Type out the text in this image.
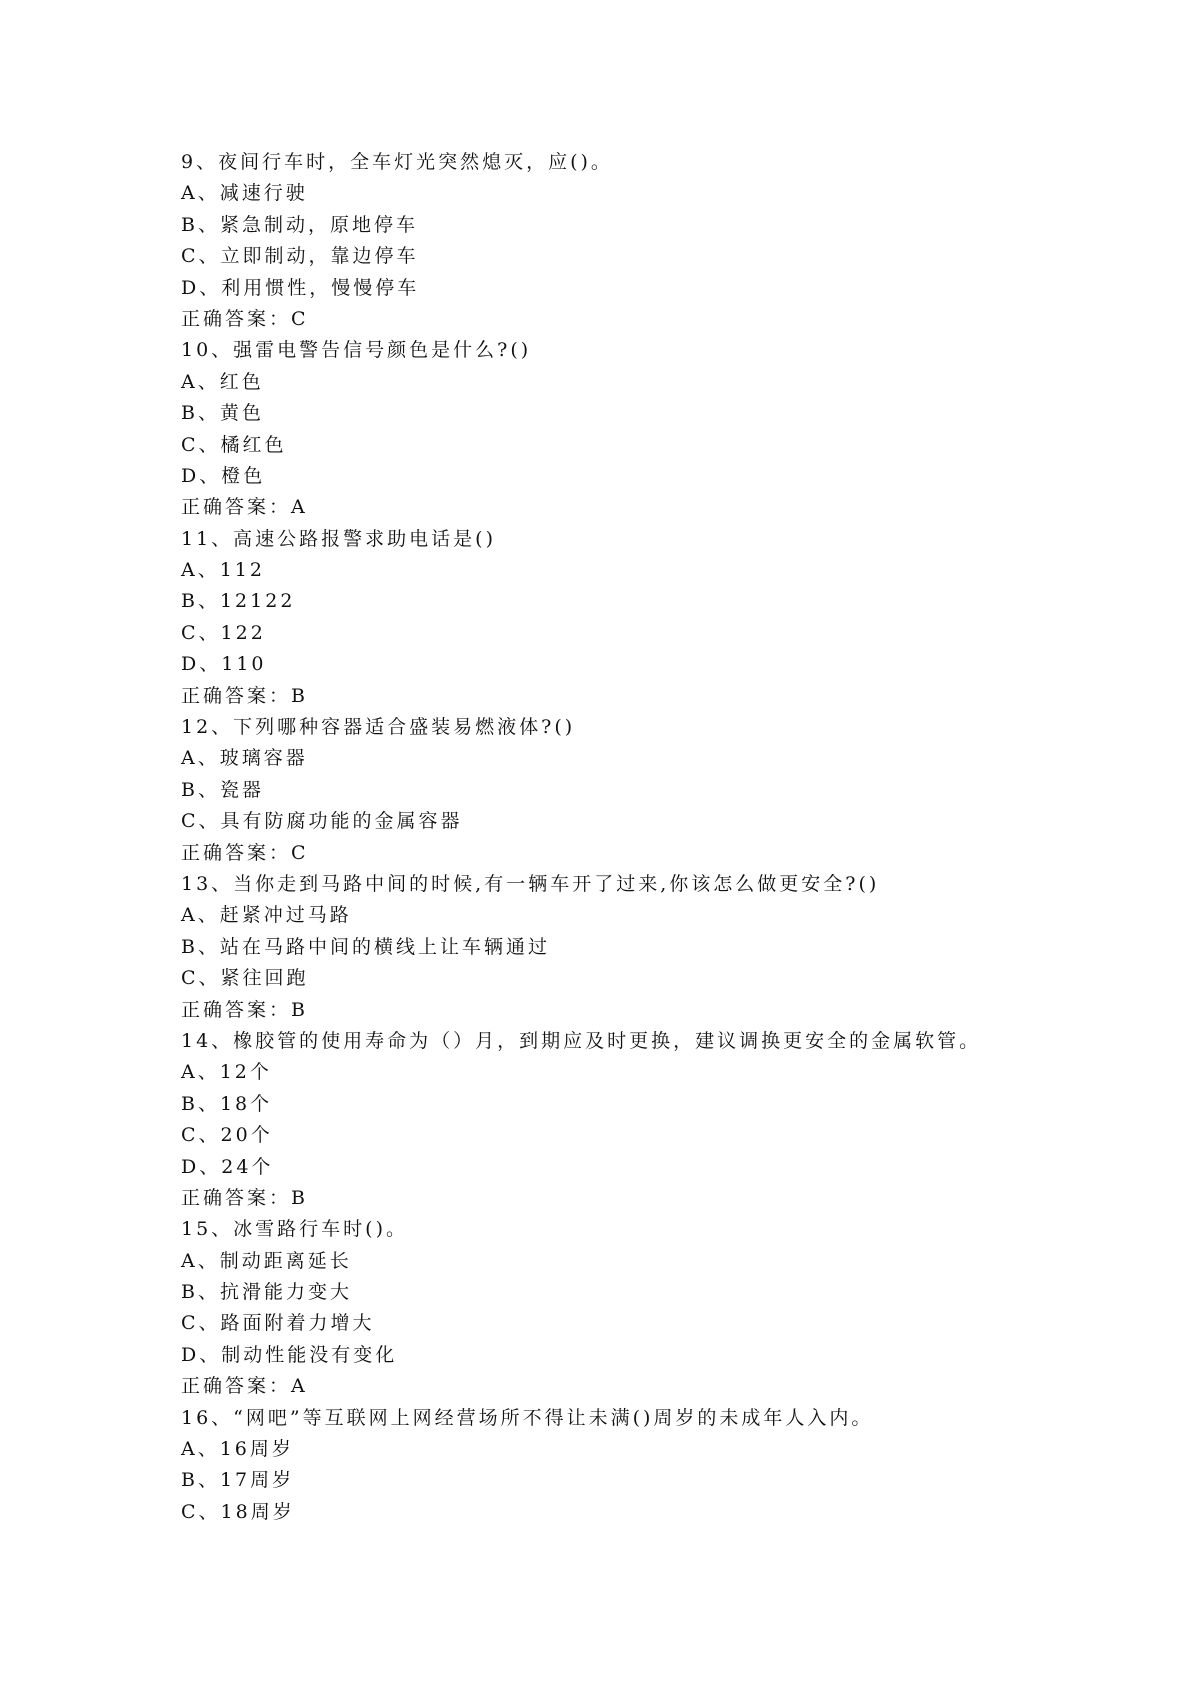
9、夜间行车时，全车灯光突然熄灭，应()。
A、减速行驶
B、紧急制动，原地停车
C、立即制动，靠边停车
D、利用惯性，慢慢停车
正确答案：C
10、强雷电警告信号颜色是什么?()
A、红色
B、黄色
C、橘红色
D、橙色
正确答案：A
11、高速公路报警求助电话是()
A、112
B、12122
C、122
D、110
正确答案：B
12、下列哪种容器适合盛装易燃液体?()
A、玻璃容器
B、瓷器
C、具有防腐功能的金属容器
正确答案：C
13、当你走到马路中间的时候,有一辆车开了过来,你该怎么做更安全?()
A、赶紧冲过马路
B、站在马路中间的横线上让车辆通过
C、紧往回跑
正确答案：B
14、橡胶管的使用寿命为（）月，到期应及时更换，建议调换更安全的金属软管。
A、12个
B、18个
C、20个
D、24个
正确答案：B
15、冰雪路行车时()。
A、制动距离延长
B、抗滑能力变大
C、路面附着力增大
D、制动性能没有变化
正确答案：A
16、“网吧”等互联网上网经营场所不得让未满()周岁的未成年人入内。
A、16周岁
B、17周岁
C、18周岁
